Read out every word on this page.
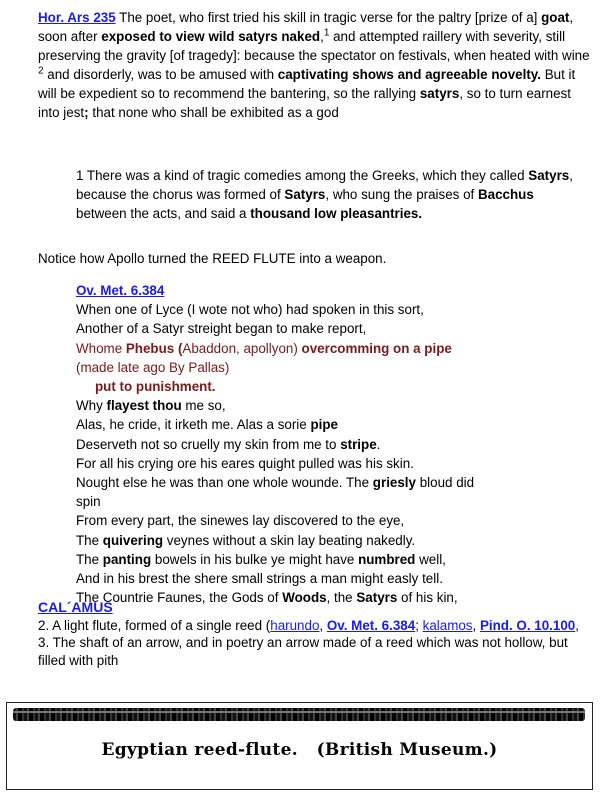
Hor. Ars 235 The poet, who first tried his skill in tragic verse for the paltry [prize of a] goat, soon after exposed to view wild satyrs naked,$^1$ and attempted raillery with severity, still preserving the gravity [of tragedy]: because the spectator on festivals, when heated with wine $^2$ and disorderly, was to be amused with captivating shows and agreeable novelty. But it will be expedient so to recommend the bantering, so the rallying satyrs, so to turn earnest into jest; that none who shall be exhibited as a god
1 There was a kind of tragic comedies among the Greeks, which they called Satyrs, because the chorus was formed of Satyrs, who sung the praises of Bacchus between the acts, and said a thousand low pleasantries.
Notice how Apollo turned the REED FLUTE into a weapon.
Ov. Met. 6.384
When one of Lyce (I wote not who) had spoken in this sort,
Another of a Satyr streight began to make report,
Whome Phebus (Abaddon, apollyon) overcomming on a pipe
(made late ago By Pallas)
put to punishment.
Why flayest thou me so,
Alas, he cride, it irketh me. Alas a sorie pipe
Deserveth not so cruelly my skin from me to stripe.
For all his crying ore his eares quight pulled was his skin.
Nought else he was than one whole wounde. The griesly bloud did spin
From every part, the sinewes lay discovered to the eye,
The quivering veynes without a skin lay beating nakedly.
The panting bowels in his bulke ye might have numbred well,
And in his brest the shere small strings a man might easly tell.
The Countrie Faunes, the Gods of Woods, the Satyrs of his kin,
CAL´AMUS
2. A light flute, formed of a single reed (harundo, Ov. Met. 6.384; kalamos, Pind. O. 10.100,
3. The shaft of an arrow, and in poetry an arrow made of a reed which was not hollow, but filled with pith
Egyptian reed-flute.   (British Museum.)
